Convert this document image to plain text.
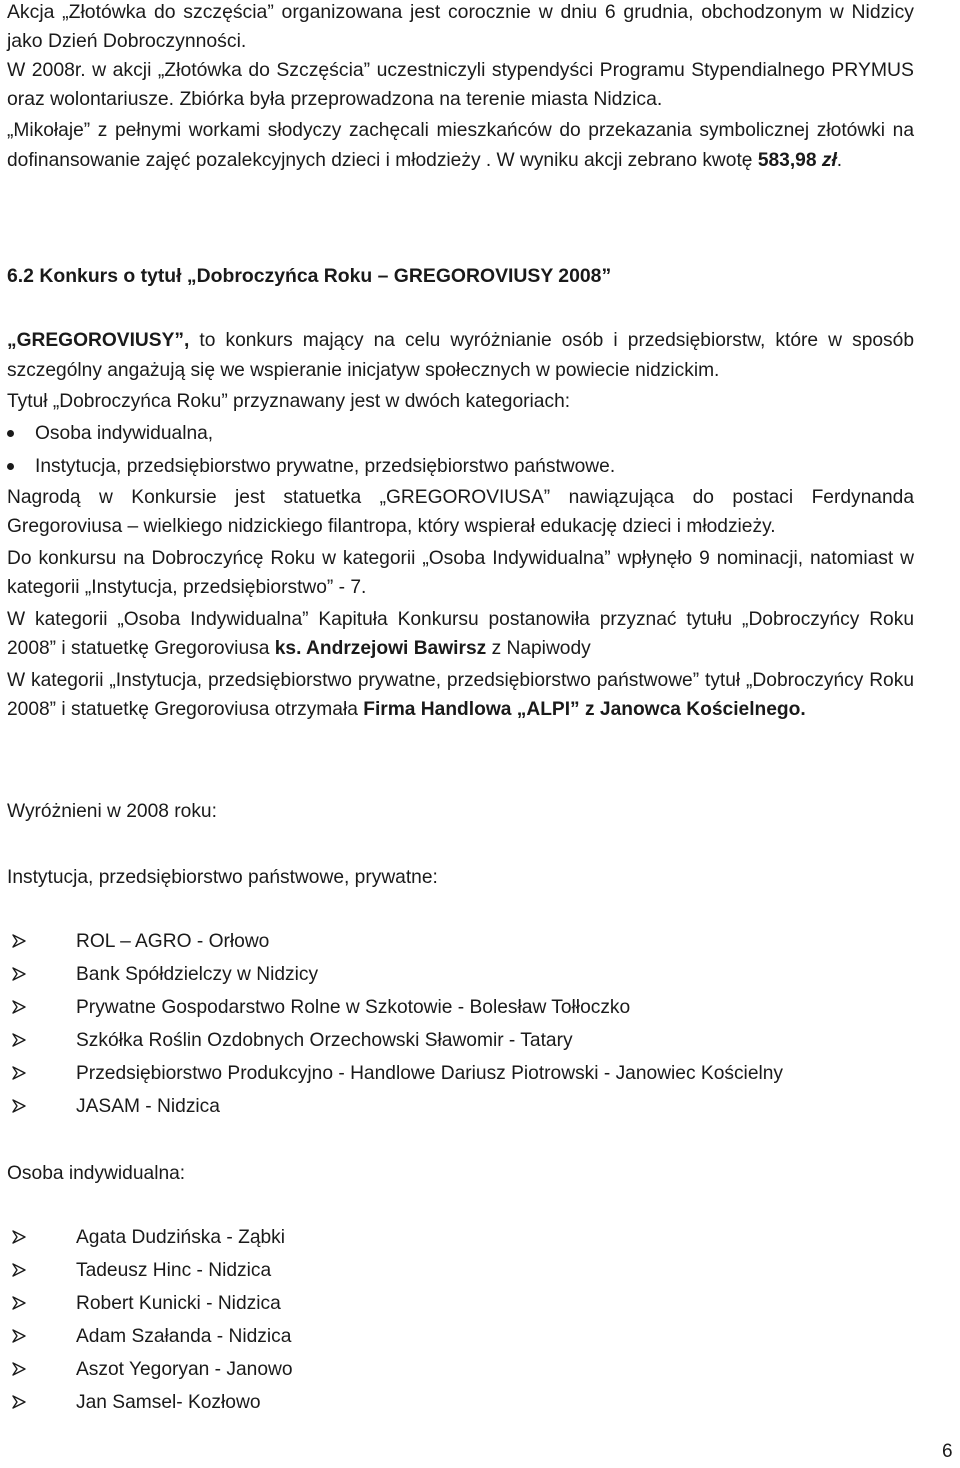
Akcja „Złotówka do szczęścia” organizowana jest corocznie w dniu 6 grudnia, obchodzonym w Nidzicy jako Dzień Dobroczynności.
W 2008r. w akcji „Złotówka do Szczęścia” uczestniczyli stypendyści Programu Stypendialnego PRYMUS oraz wolontariusze. Zbiórka była przeprowadzona na terenie miasta Nidzica.
„Mikołaje” z pełnymi workami słodyczy zachęcali mieszkańców do przekazania symbolicznej złotówki na dofinansowanie zajęć pozalekcyjnych dzieci i młodzieży . W wyniku akcji zebrano kwotę 583,98 zł.
6.2 Konkurs o tytuł „Dobroczyńca Roku – GREGOROVIUSY 2008”

„GREGOROVIUSY”, to konkurs mający na celu wyróżnianie osób i przedsiębiorstw, które w sposób szczególny angażują się we wspieranie inicjatyw społecznych w powiecie nidzickim.

Tytuł „Dobroczyńca Roku” przyznawany jest w dwóch kategoriach:

Osoba indywidualna,
Instytucja, przedsiębiorstwo prywatne, przedsiębiorstwo państwowe.

Nagrodą w Konkursie jest statuetka „GREGOROVIUSA” nawiązująca do postaci Ferdynanda Gregoroviusa – wielkiego nidzickiego filantropa, który wspierał edukację dzieci i młodzieży.

Do konkursu na Dobroczyńcę Roku w kategorii „Osoba Indywidualna” wpłynęło 9 nominacji, natomiast w kategorii „Instytucja, przedsiębiorstwo” - 7.

W kategorii „Osoba Indywidualna” Kapituła Konkursu postanowiła przyznać tytułu „Dobroczyńcy Roku 2008” i statuetkę Gregoroviusa ks. Andrzejowi Bawirsz z Napiwody

W kategorii „Instytucja, przedsiębiorstwo prywatne, przedsiębiorstwo państwowe” tytuł „Dobroczyńcy Roku 2008” i statuetkę Gregoroviusa otrzymała Firma Handlowa „ALPI” z Janowca Kościelnego.

Wyróżnieni w 2008 roku:
Instytucja, przedsiębiorstwo państwowe, prywatne:
ROL – AGRO - Orłowo
Bank Spółdzielczy w Nidzicy
Prywatne Gospodarstwo Rolne w Szkotowie - Bolesław Tołłoczko
Szkółka Roślin Ozdobnych Orzechowski Sławomir - Tatary
Przedsiębiorstwo Produkcyjno - Handlowe Dariusz Piotrowski - Janowiec Kościelny
JASAM - Nidzica
Osoba indywidualna:
Agata Dudzińska - Ząbki
Tadeusz Hinc - Nidzica
Robert Kunicki - Nidzica
Adam Szałanda - Nidzica
Aszot Yegoryan - Janowo
Jan Samsel- Kozłowo
6
